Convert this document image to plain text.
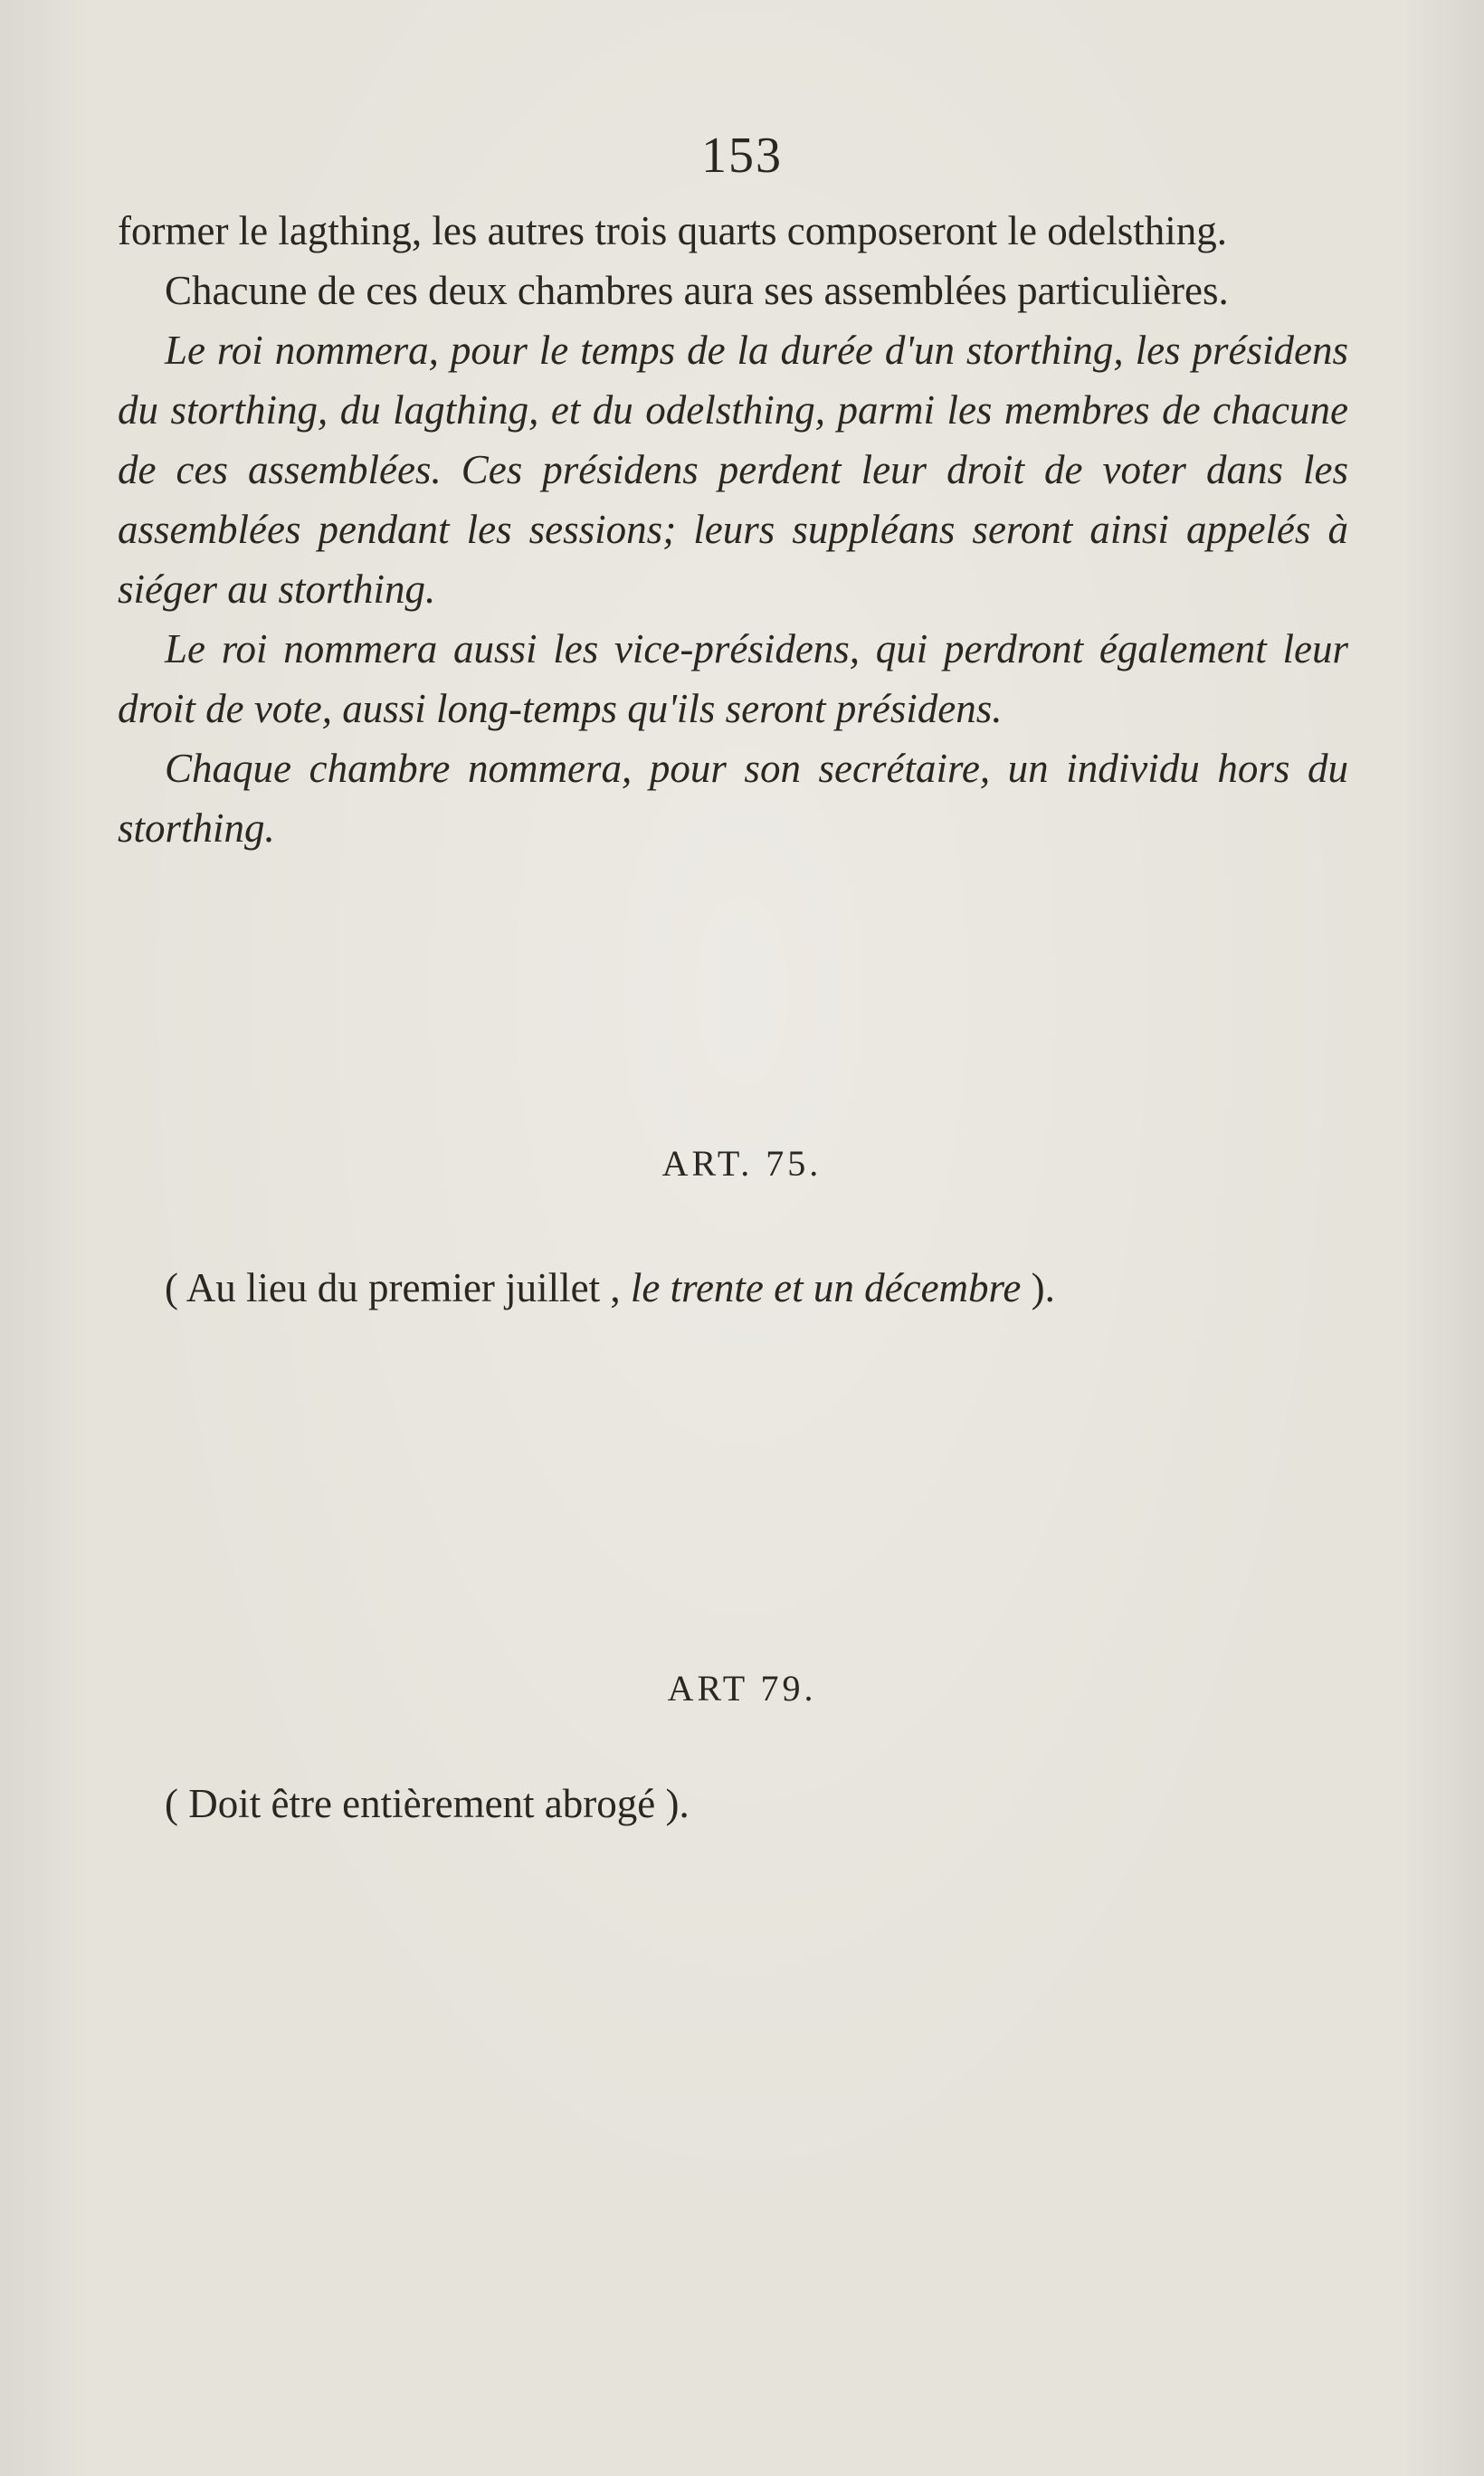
153

former le lagthing, les autres trois quarts composeront le odelsthing.

Chacune de ces deux chambres aura ses assemblées particulières.

Le roi nommera, pour le temps de la durée d'un storthing, les présidens du storthing, du lagthing, et du odelsthing, parmi les membres de chacune de ces assemblées. Ces présidens perdent leur droit de voter dans les assemblées pendant les sessions; leurs suppléans seront ainsi appelés à siéger au storthing.

Le roi nommera aussi les vice-présidens, qui perdront également leur droit de vote, aussi long-temps qu'ils seront présidens.

Chaque chambre nommera, pour son secrétaire, un individu hors du storthing.

ART. 75.
( Au lieu du premier juillet , le trente et un décembre ).
ART 79.
( Doit être entièrement abrogé ).
